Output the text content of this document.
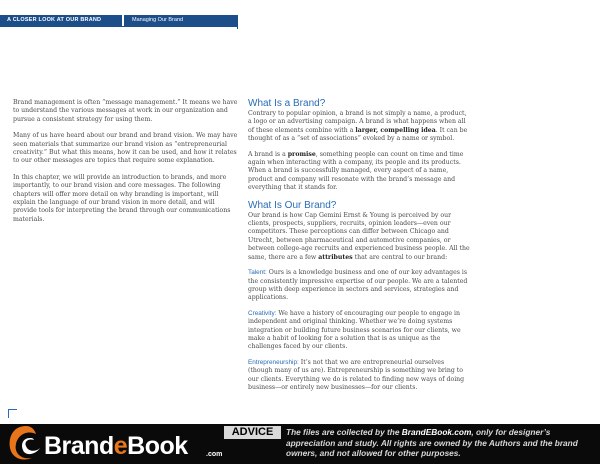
A CLOSER LOOK AT OUR BRAND	Managing Our Brand

Brand management is often “message management.” It means we have to understand the various messages at work in our organization and pursue a consistent strategy for using them.

Many of us have heard about our brand and brand vision. We may have seen materials that summarize our brand vision as “entrepreneurial creativity.” But what this means, how it can be used, and how it relates to our other messages are topics that require some explanation.

In this chapter, we will provide an introduction to brands, and more importantly, to our brand vision and core messages. The following chapters will offer more detail on why branding is important, will explain the language of our brand vision in more detail, and will provide tools for interpreting the brand through our communications materials.

What Is a Brand?

Contrary to popular opinion, a brand is not simply a name, a product, a logo or an advertising campaign. A brand is what happens when all of these elements combine with a larger, compelling idea. It can be thought of as a “set of associations” evoked by a name or symbol.

A brand is a promise, something people can count on time and time again when interacting with a company, its people and its products. When a brand is successfully managed, every aspect of a name, product and company will resonate with the brand’s message and everything that it stands for.

What Is Our Brand?

Our brand is how Cap Gemini Ernst & Young is perceived by our clients, prospects, suppliers, recruits, opinion leaders—even our competitors. These perceptions can differ between Chicago and Utrecht, between pharmaceutical and automotive companies, or between college-age recruits and experienced business people. All the same, there are a few attributes that are central to our brand:

Talent: Ours is a knowledge business and one of our key advantages is the consistently impressive expertise of our people. We are a talented group with deep experience in sectors and services, strategies and applications.

Creativity: We have a history of encouraging our people to engage in independent and original thinking. Whether we’re doing systems integration or building future business scenarios for our clients, we make a habit of looking for a solution that is as unique as the challenges faced by our clients.

Entrepreneurship: It’s not that we are entrepreneurial ourselves (though many of us are). Entrepreneurship is something we bring to our clients. Everything we do is related to finding new ways of doing business—or entirely new businesses—for our clients.

BrandeBook	.com
ADVICE	The files are collected by the BrandEBook.com, only for designer’s appreciation and study. All rights are owned by the Authors and the brand owners, and not allowed for other purposes.
